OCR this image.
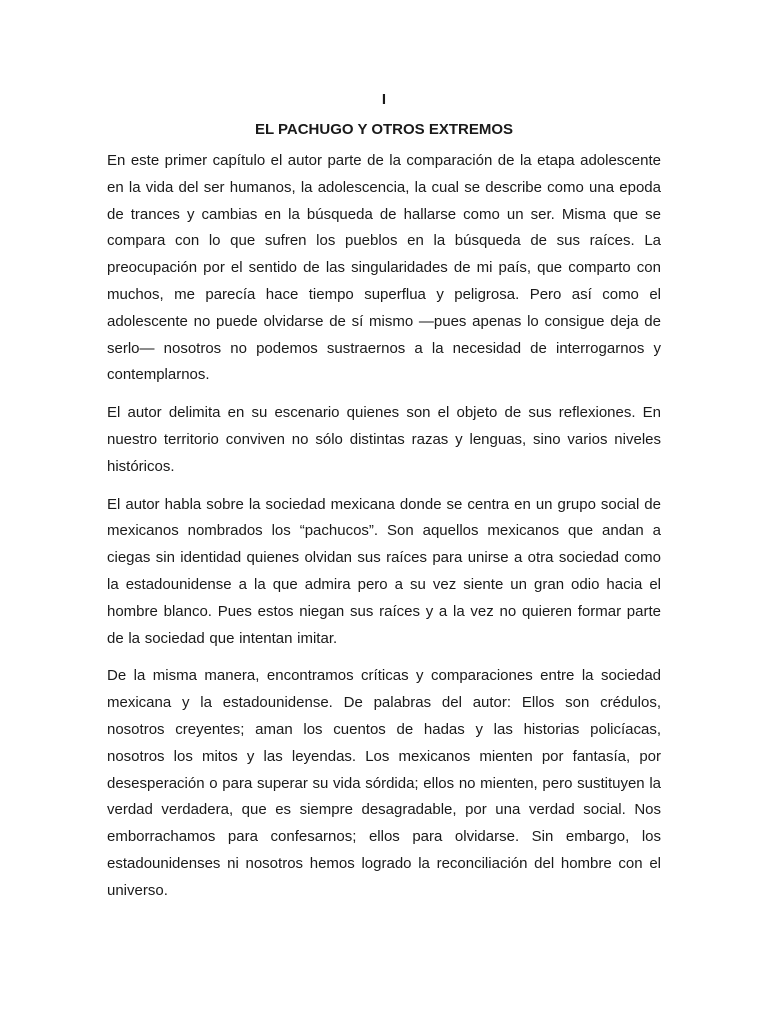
I
EL PACHUGO Y OTROS EXTREMOS

En este primer capítulo el autor parte de la comparación de la etapa adolescente en la vida del ser humanos, la adolescencia, la cual se describe como una epoda de trances y cambias en la búsqueda de hallarse como un ser. Misma que se compara con lo que sufren los pueblos en la búsqueda de sus raíces. La preocupación por el sentido de las singularidades de mi país, que comparto con muchos, me parecía hace tiempo superflua y peligrosa. Pero así como el adolescente no puede olvidarse de sí mismo —pues apenas lo consigue deja de serlo— nosotros no podemos sustraernos a la necesidad de interrogarnos y contemplarnos.

El autor delimita en su escenario quienes son el objeto de sus reflexiones. En nuestro territorio conviven no sólo distintas razas y lenguas, sino varios niveles históricos.

El autor habla sobre la sociedad mexicana donde se centra en un grupo social de mexicanos nombrados los “pachucos”. Son aquellos mexicanos que andan a ciegas sin identidad quienes olvidan sus raíces para unirse a otra sociedad como la estadounidense a la que admira pero a su vez siente un gran odio hacia el hombre blanco. Pues estos niegan sus raíces y a la vez no quieren formar parte de la sociedad que intentan imitar.

De la misma manera, encontramos críticas y comparaciones entre la sociedad mexicana y la estadounidense. De palabras del autor: Ellos son crédulos, nosotros creyentes; aman los cuentos de hadas y las historias policíacas, nosotros los mitos y las leyendas. Los mexicanos mienten por fantasía, por desesperación o para superar su vida sórdida; ellos no mienten, pero sustituyen la verdad verdadera, que es siempre desagradable, por una verdad social. Nos emborrachamos para confesarnos; ellos para olvidarse. Sin embargo, los estadounidenses ni nosotros hemos logrado la reconciliación del hombre con el universo.
